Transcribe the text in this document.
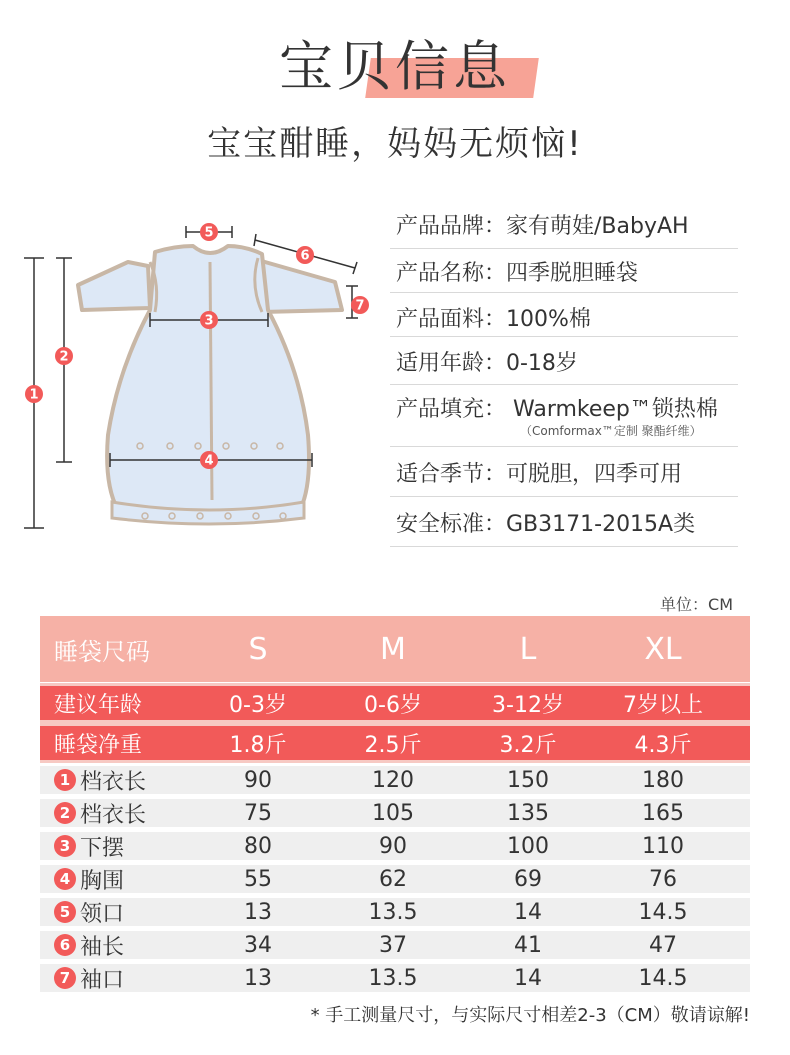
宝贝信息
宝宝酣睡，妈妈无烦恼!
5
6
7
3
2
1
4
产品品牌：家有萌娃/BabyAH
产品名称：四季脱胆睡袋
产品面料：100%棉
适用年龄：0-18岁
产品填充： Warmkeep™锁热棉
（Comformax™定制 聚酯纤维）
适合季节：可脱胆，四季可用
安全标准：GB3171-2015A类
单位：CM
睡袋尺码	S	M	L	XL
建议年龄	0-3岁	0-6岁	3-12岁	7岁以上
睡袋净重	1.8斤	2.5斤	3.2斤	4.3斤
1 档衣长	90	120	150	180
2 档衣长	75	105	135	165
3 下摆	80	90	100	110
4 胸围	55	62	69	76
5 领口	13	13.5	14	14.5
6 袖长	34	37	41	47
7 袖口	13	13.5	14	14.5
* 手工测量尺寸，与实际尺寸相差2-3（CM）敬请谅解!
